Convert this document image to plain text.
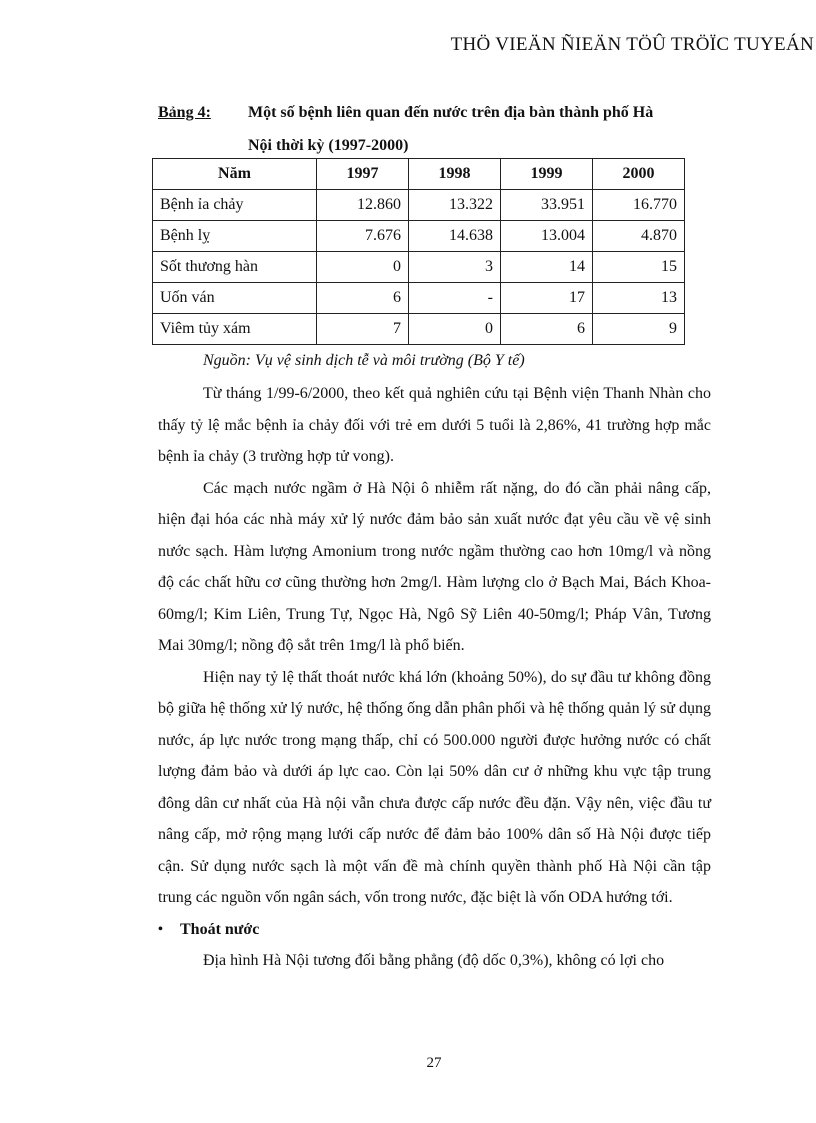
THÖ VIEÄN ÑIEÄN TÖÛ TRÖÏC TUYEÁN
Bảng 4: Một số bệnh liên quan đến nước trên địa bàn thành phố Hà
Nội thời kỳ (1997-2000)
Năm	1997	1998	1999	2000
Bệnh ỉa chảy	12.860	13.322	33.951	16.770
Bệnh lỵ	7.676	14.638	13.004	4.870
Sốt thương hàn	0	3	14	15
Uốn ván	6	-	17	13
Viêm tủy xám	7	0	6	9
Nguồn: Vụ vệ sinh dịch tễ và môi trường (Bộ Y tế)

Từ tháng 1/99-6/2000, theo kết quả nghiên cứu tại Bệnh viện Thanh Nhàn cho thấy tỷ lệ mắc bệnh ỉa chảy đối với trẻ em dưới 5 tuổi là 2,86%, 41 trường hợp mắc bệnh ỉa chảy (3 trường hợp tử vong).

Các mạch nước ngầm ở Hà Nội ô nhiễm rất nặng, do đó cần phải nâng cấp, hiện đại hóa các nhà máy xử lý nước đảm bảo sản xuất nước đạt yêu cầu về vệ sinh nước sạch. Hàm lượng Amonium trong nước ngầm thường cao hơn 10mg/l và nồng độ các chất hữu cơ cũng thường hơn 2mg/l. Hàm lượng clo ở Bạch Mai, Bách Khoa-60mg/l; Kim Liên, Trung Tự, Ngọc Hà, Ngô Sỹ Liên 40-50mg/l; Pháp Vân, Tương Mai 30mg/l; nồng độ sắt trên 1mg/l là phổ biến.

Hiện nay tỷ lệ thất thoát nước khá lớn (khoảng 50%), do sự đầu tư không đồng bộ giữa hệ thống xử lý nước, hệ thống ống dẫn phân phối và hệ thống quản lý sử dụng nước, áp lực nước trong mạng thấp, chỉ có 500.000 người được hưởng nước có chất lượng đảm bảo và dưới áp lực cao. Còn lại 50% dân cư ở những khu vực tập trung đông dân cư nhất của Hà nội vẫn chưa được cấp nước đều đặn. Vậy nên, việc đầu tư nâng cấp, mở rộng mạng lưới cấp nước để đảm bảo 100% dân số Hà Nội được tiếp cận. Sử dụng nước sạch là một vấn đề mà chính quyền thành phố Hà Nội cần tập trung các nguồn vốn ngân sách, vốn trong nước, đặc biệt là vốn ODA hướng tới.

•	Thoát nước

Địa hình Hà Nội tương đối bằng phẳng (độ dốc 0,3%), không có lợi cho

27
